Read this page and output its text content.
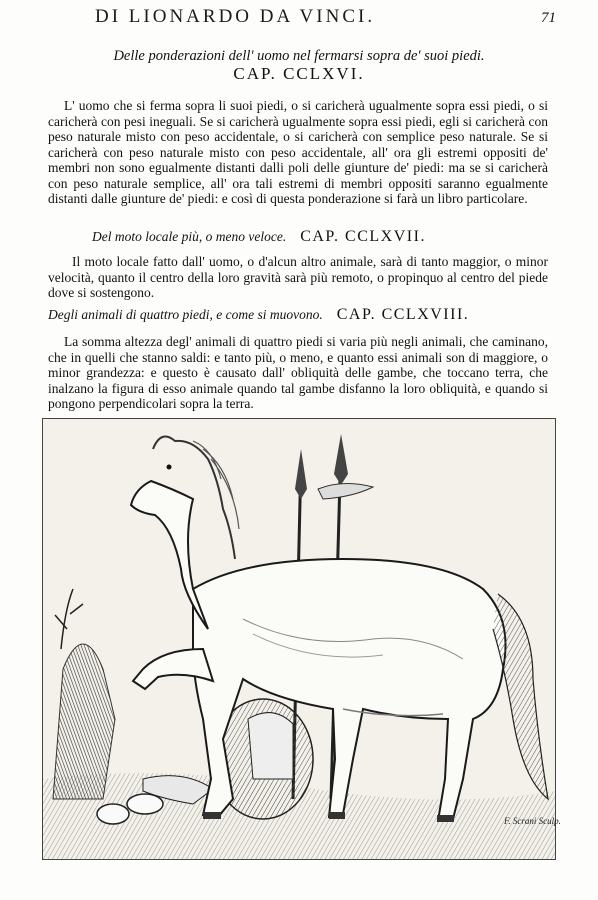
DI LIONARDO DA VINCI.	71
Delle ponderazioni dell' uomo nel fermarsi sopra de' suoi piedi.
CAP. CCLXVI.
L' uomo che si ferma sopra li suoi piedi, o si caricherà ugualmente sopra essi piedi, o si caricherà con pesi ineguali. Se si caricherà ugualmente sopra essi piedi, egli si caricherà con peso naturale misto con peso accidentale, o si caricherà con semplice peso naturale. Se si caricherà con peso naturale misto con peso accidentale, all' ora gli estremi oppositi de' membri non sono egualmente distanti dalli poli delle giunture de' piedi: ma se si caricherà con peso naturale semplice, all' ora tali estremi di membri oppositi saranno egualmente distanti dalle giunture de' piedi: e così di questa ponderazione si farà un libro particolare.
Del moto locale più, o meno veloce. CAP. CCLXVII.
Il moto locale fatto dall' uomo, o d'alcun altro animale, sarà di tanto maggior, o minor velocità, quanto il centro della loro gravità sarà più remoto, o propinquo al centro del piede dove si sostengono.
Degli animali di quattro piedi, e come si muovono. CAP. CCLXVIII.
La somma altezza degl' animali di quattro piedi si varia più negli animali, che caminano, che in quelli che stanno saldi: e tanto più, o meno, e quanto essi animali son di maggiore, o minor grandezza: e questo è causato dall' obliquità delle gambe, che toccano terra, che inalzano la figura di esso animale quando tal gambe disfanno la loro obliquità, e quando si pongono perpendicolari sopra la terra.
F. Scrani Sculp.
